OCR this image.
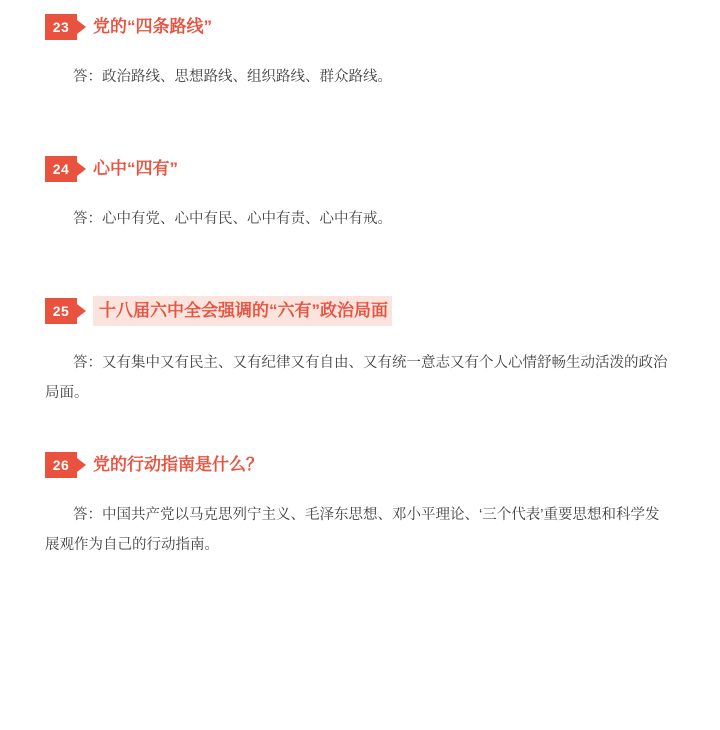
23	党的“四条路线”
答：政治路线、思想路线、组织路线、群众路线。
24	心中“四有”
答：心中有党、心中有民、心中有责、心中有戒。
25	十八届六中全会强调的“六有”政治局面
答：又有集中又有民主、又有纪律又有自由、又有统一意志又有个人心情舒畅生动活泼的政治局面。
26	党的行动指南是什么？
答：中国共产党以马克思列宁主义、毛泽东思想、邓小平理论、‘三个代表’重要思想和科学发展观作为自己的行动指南。
